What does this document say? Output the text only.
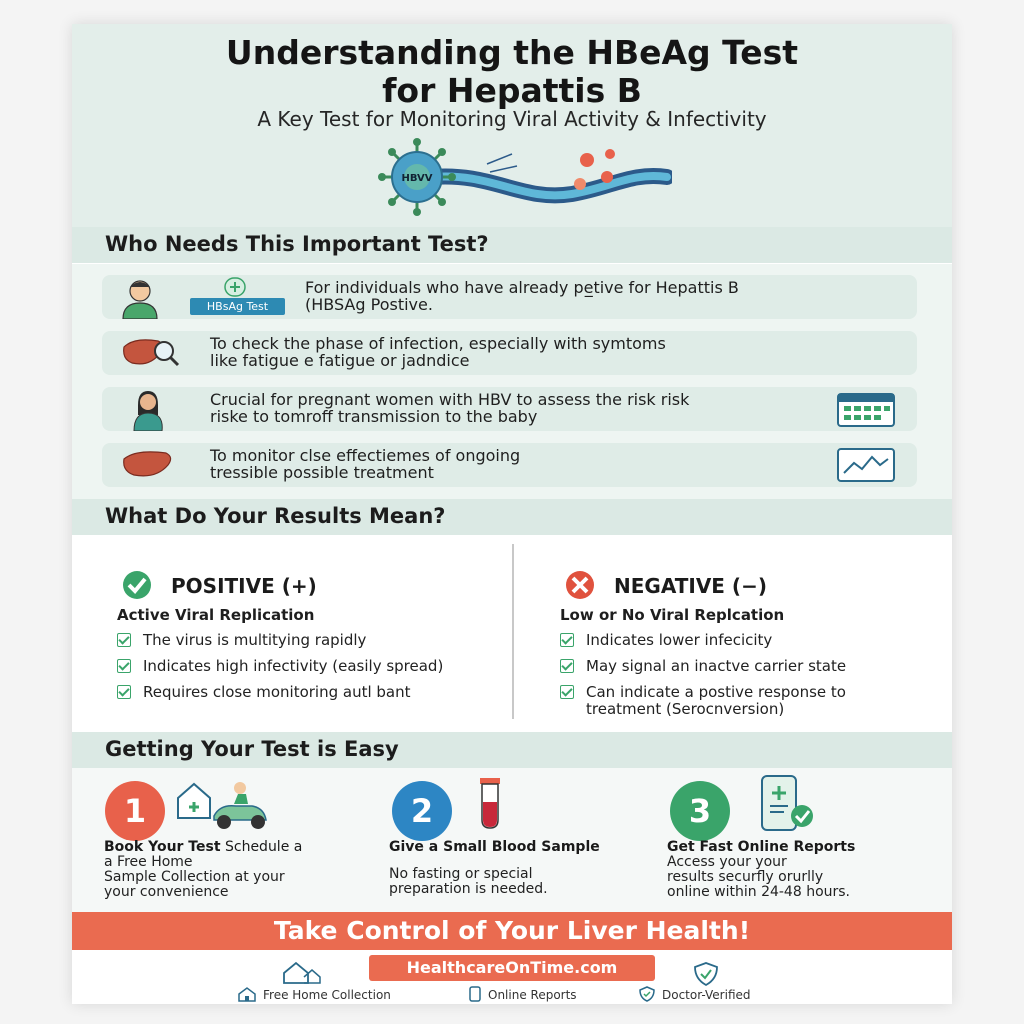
Understanding the HBeAg Test
for Hepattis B
A Key Test for Monitoring Viral Activity & Infectivity
HBVV
Who Needs This Important Test?
HBsAg Test
For individuals who have already pe̲tive for Hepattis B
(HBSAg Postive.
To check the phase of infection, especially with symtoms
like fatigue e fatigue or jadndice
Crucial for pregnant women with HBV to assess the risk risk
riske to tomroff transmission to the baby
To monitor clse effectiemes of ongoing
tressible possible treatment
What Do Your Results Mean?
POSITIVE (+)
Active Viral Replication
The virus is multitying rapidly
Indicates high infectivity (easily spread)
Requires close monitoring autl bant
NEGATIVE (−)
Low or No Viral Replcation
Indicates lower infecicity
May signal an inactve carrier state
Can indicate a postive response to
treatment (Serocnversion)
Getting Your Test is Easy
1
Book Your Test Schedule a
a Free Home
Sample Collection at your
your convenience
2
Give a Small Blood Sample
No fasting or special
preparation is needed.
3
Get Fast Online Reports
Access your your
results securfly orurlly
online within 24-48 hours.
Take Control of Your Liver Health!
HealthcareOnTime.com
Free Home Collection	Online Reports	Doctor-Verified
